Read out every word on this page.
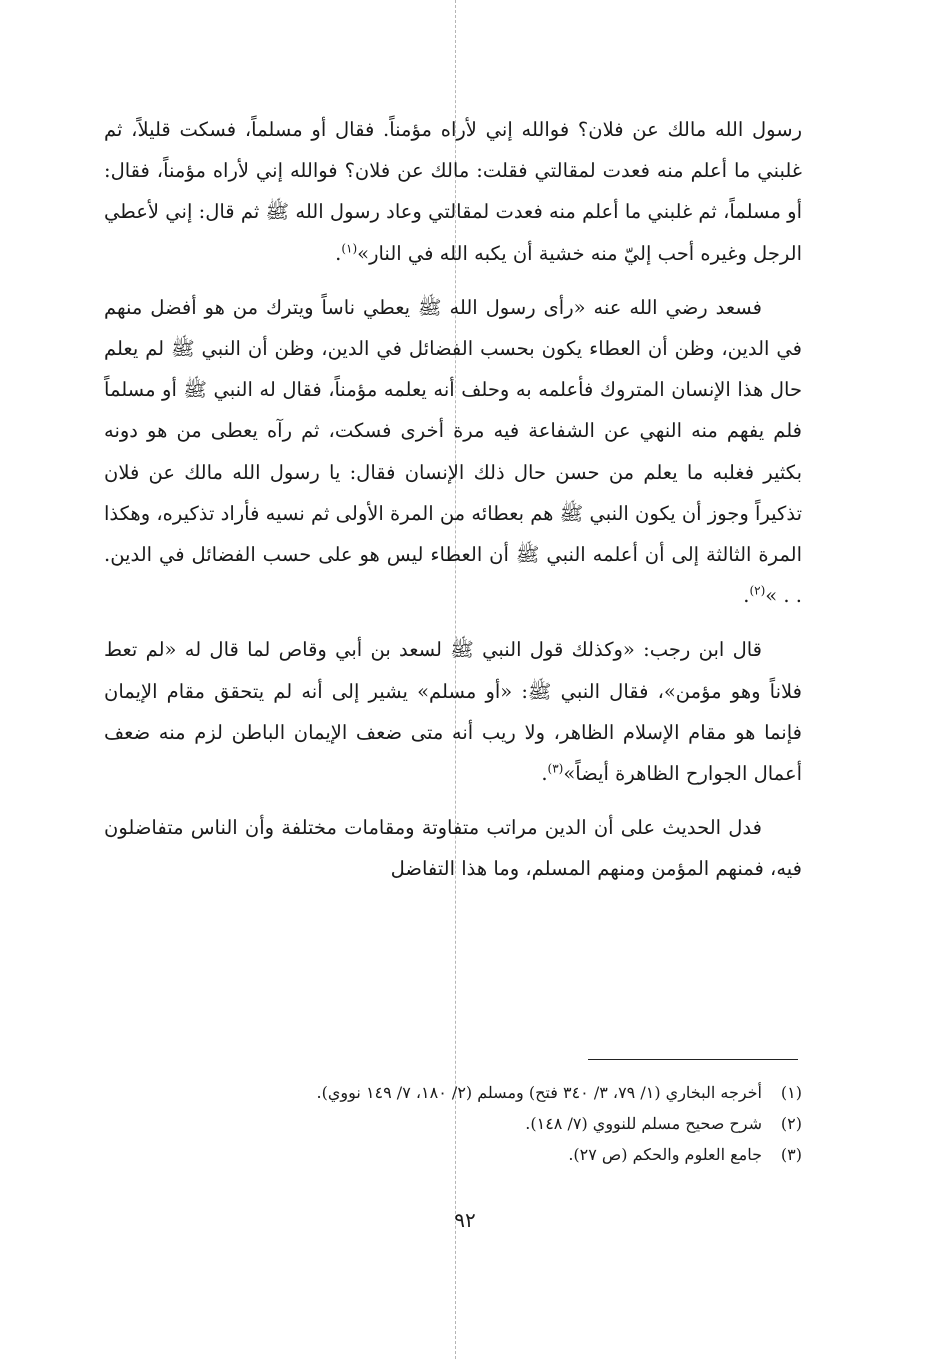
رسول الله مالك عن فلان؟ فوالله إني لأراه مؤمناً. فقال أو مسلماً، فسكت قليلاً، ثم غلبني ما أعلم منه فعدت لمقالتي فقلت: مالك عن فلان؟ فوالله إني لأراه مؤمناً، فقال: أو مسلماً، ثم غلبني ما أعلم منه فعدت لمقالتي وعاد رسول الله ﷺ ثم قال: إني لأعطي الرجل وغيره أحب إليّ منه خشية أن يكبه الله في النار»$^{(١)}$.

فسعد رضي الله عنه «رأى رسول الله ﷺ يعطي ناساً ويترك من هو أفضل منهم في الدين، وظن أن العطاء يكون بحسب الفضائل في الدين، وظن أن النبي ﷺ لم يعلم حال هذا الإنسان المتروك فأعلمه به وحلف أنه يعلمه مؤمناً، فقال له النبي ﷺ أو مسلماً فلم يفهم منه النهي عن الشفاعة فيه مرة أخرى فسكت، ثم رآه يعطى من هو دونه بكثير فغلبه ما يعلم من حسن حال ذلك الإنسان فقال: يا رسول الله مالك عن فلان تذكيراً وجوز أن يكون النبي ﷺ هم بعطائه من المرة الأولى ثم نسيه فأراد تذكيره، وهكذا المرة الثالثة إلى أن أعلمه النبي ﷺ أن العطاء ليس هو على حسب الفضائل في الدين. . . »$^{(٢)}$.

قال ابن رجب: «وكذلك قول النبي ﷺ لسعد بن أبي وقاص لما قال له «لم تعط فلاناً وهو مؤمن»، فقال النبي ﷺ: «أو مسلم» يشير إلى أنه لم يتحقق مقام الإيمان فإنما هو مقام الإسلام الظاهر، ولا ريب أنه متى ضعف الإيمان الباطن لزم منه ضعف أعمال الجوارح الظاهرة أيضاً»$^{(٣)}$.

فدل الحديث على أن الدين مراتب متفاوتة ومقامات مختلفة وأن الناس متفاضلون فيه، فمنهم المؤمن ومنهم المسلم، وما هذا التفاضل

(١)أخرجه البخاري (١/ ٧٩، ٣/ ٣٤٠ فتح) ومسلم (٢/ ١٨٠، ٧/ ١٤٩ نووي).
(٢)شرح صحيح مسلم للنووي (٧/ ١٤٨).
(٣)جامع العلوم والحكم (ص ٢٧).
٩٢
